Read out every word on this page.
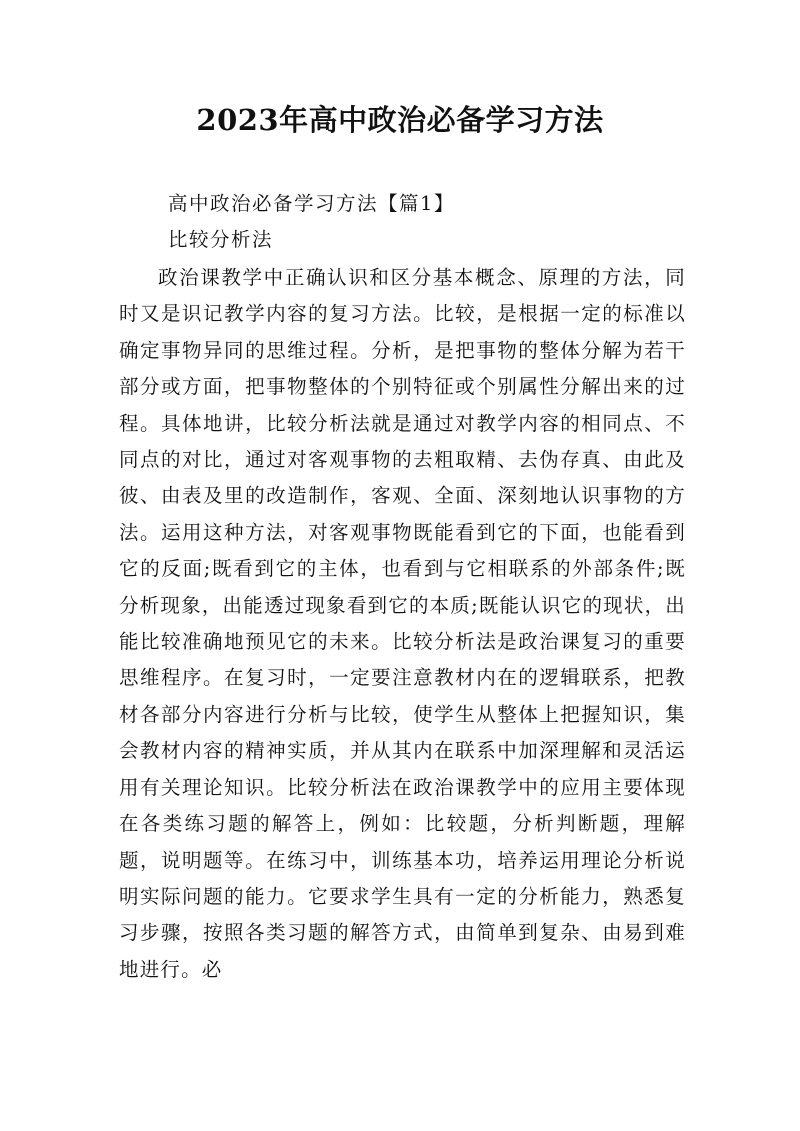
2023年高中政治必备学习方法

高中政治必备学习方法【篇1】

比较分析法

政治课教学中正确认识和区分基本概念、原理的方法，同时又是识记教学内容的复习方法。比较，是根据一定的标准以确定事物异同的思维过程。分析，是把事物的整体分解为若干部分或方面，把事物整体的个别特征或个别属性分解出来的过程。具体地讲，比较分析法就是通过对教学内容的相同点、不同点的对比，通过对客观事物的去粗取精、去伪存真、由此及彼、由表及里的改造制作，客观、全面、深刻地认识事物的方法。运用这种方法，对客观事物既能看到它的下面，也能看到它的反面;既看到它的主体，也看到与它相联系的外部条件;既分析现象，出能透过现象看到它的本质;既能认识它的现状，出能比较准确地预见它的未来。比较分析法是政治课复习的重要思维程序。在复习时，一定要注意教材内在的逻辑联系，把教材各部分内容进行分析与比较，使学生从整体上把握知识，集会教材内容的精神实质，并从其内在联系中加深理解和灵活运用有关理论知识。比较分析法在政治课教学中的应用主要体现在各类练习题的解答上，例如：比较题，分析判断题，理解题，说明题等。在练习中，训练基本功，培养运用理论分析说明实际问题的能力。它要求学生具有一定的分析能力，熟悉复习步骤，按照各类习题的解答方式，由简单到复杂、由易到难地进行。必
